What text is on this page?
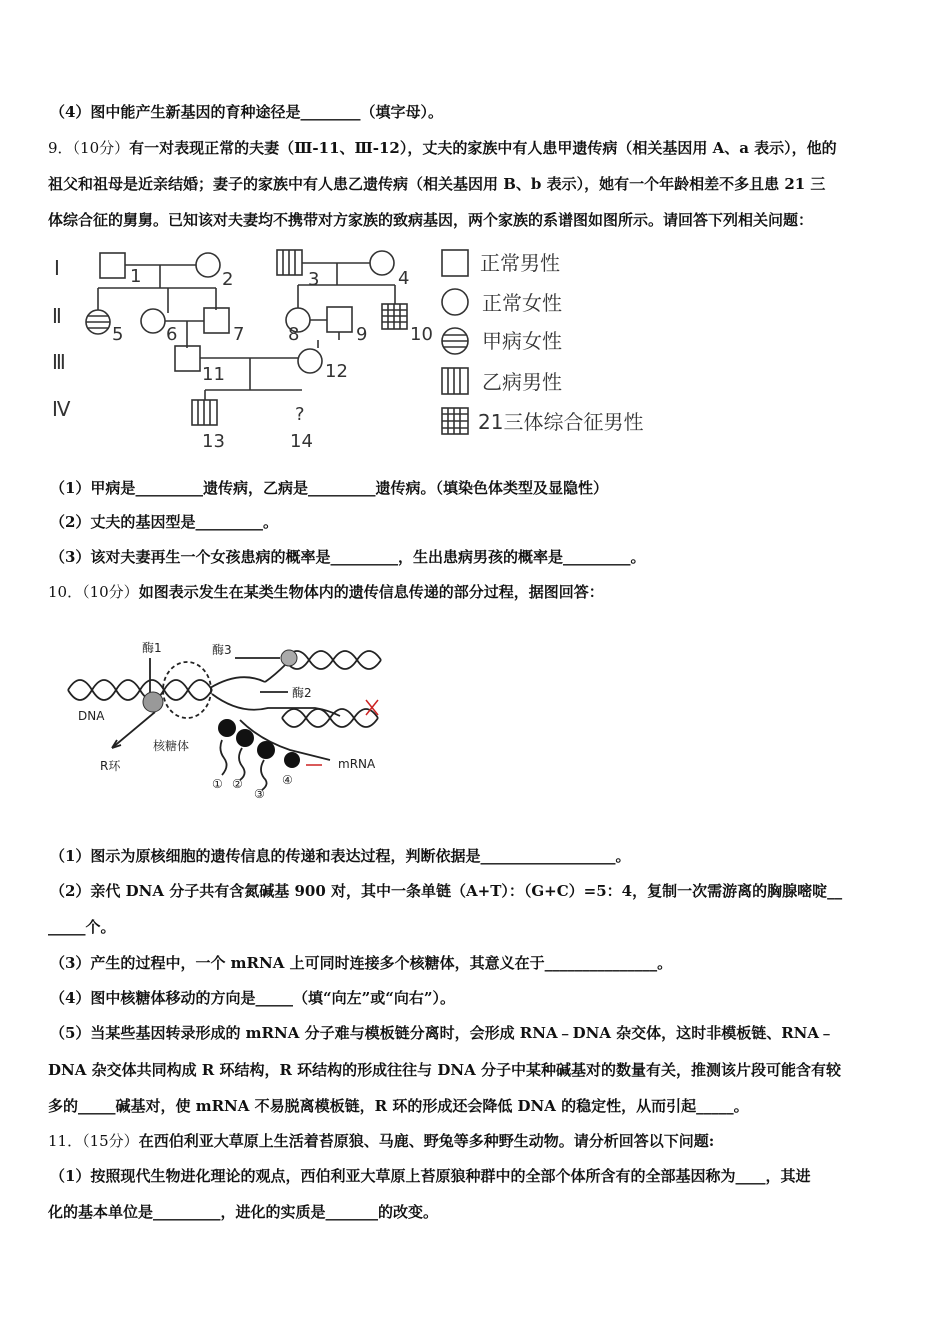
（4）图中能产生新基因的育种途径是________（填字母）。
9．（10分）有一对表现正常的夫妻（Ⅲ-11、Ⅲ-12），丈夫的家族中有人患甲遗传病（相关基因用 A、a 表示），他的
祖父和祖母是近亲结婚；妻子的家族中有人患乙遗传病（相关基因用 B、b 表示），她有一个年龄相差不多且患 21 三
体综合征的舅舅。已知该对夫妻均不携带对方家族的致病基因，两个家族的系谱图如图所示。请回答下列相关问题：
Ⅰ
Ⅱ
Ⅲ
Ⅳ	?
1	2	3	4
5 6	7 8	9 10
11	12
13	14
正常男性
正常女性
甲病女性
乙病男性
21三体综合征男性
（1）甲病是_________遗传病，乙病是_________遗传病。（填染色体类型及显隐性）
（2）丈夫的基因型是_________。
（3）该对夫妻再生一个女孩患病的概率是_________，生出患病男孩的概率是_________。
10．（10分）如图表示发生在某类生物体内的遗传信息传递的部分过程，据图回答：
酶1	酶3
酶2
DNA
核糖体
R环	mRNA
① ②
③
④
（1）图示为原核细胞的遗传信息的传递和表达过程，判断依据是__________________。
（2）亲代 DNA 分子共有含氮碱基 900 对，其中一条单链（A+T）：（G+C）=5：4，复制一次需游离的胸腺嘧啶__
_____个。
（3）产生的过程中，一个 mRNA 上可同时连接多个核糖体，其意义在于_______________。
（4）图中核糖体移动的方向是_____（填“向左”或“向右”）。
（5）当某些基因转录形成的 mRNA 分子难与模板链分离时，会形成 RNA﹣DNA 杂交体，这时非模板链、RNA﹣
DNA 杂交体共同构成 R 环结构，R 环结构的形成往往与 DNA 分子中某种碱基对的数量有关，推测该片段可能含有较
多的_____碱基对，使 mRNA 不易脱离模板链，R 环的形成还会降低 DNA 的稳定性，从而引起_____。
11．（15分）在西伯利亚大草原上生活着苔原狼、马鹿、野兔等多种野生动物。请分析回答以下问题:
（1）按照现代生物进化理论的观点，西伯利亚大草原上苔原狼种群中的全部个体所含有的全部基因称为____，其进
化的基本单位是_________，进化的实质是_______的改变。
